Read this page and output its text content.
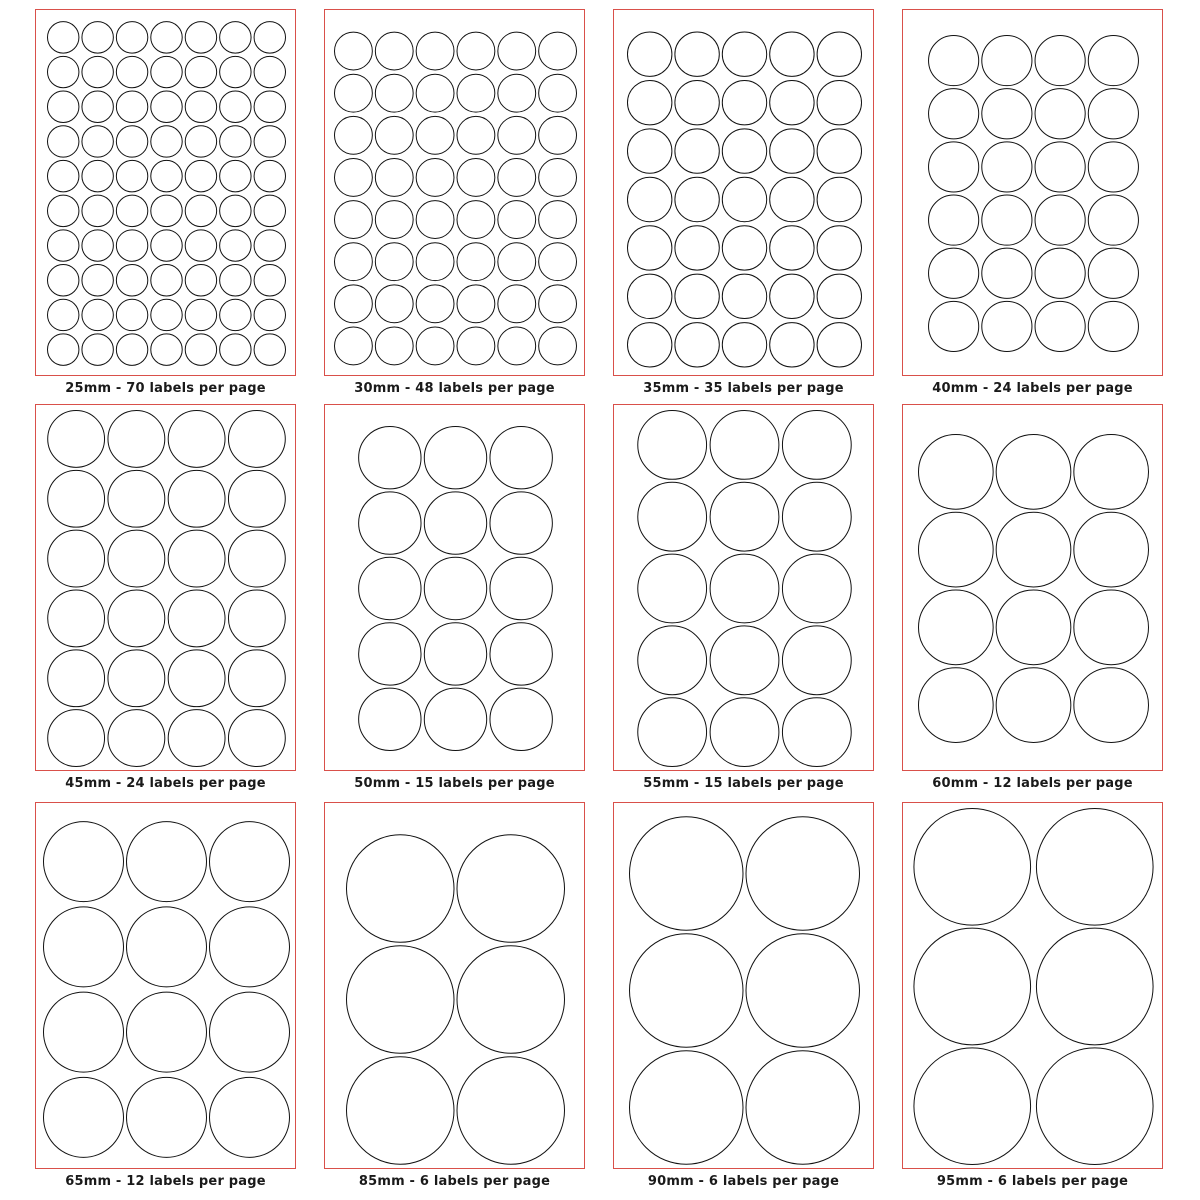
25mm - 70 labels per page	30mm - 48 labels per page	35mm - 35 labels per page	40mm - 24 labels per page
45mm - 24 labels per page	50mm - 15 labels per page	55mm - 15 labels per page	60mm - 12 labels per page
65mm - 12 labels per page	85mm - 6 labels per page	90mm - 6 labels per page	95mm - 6 labels per page
